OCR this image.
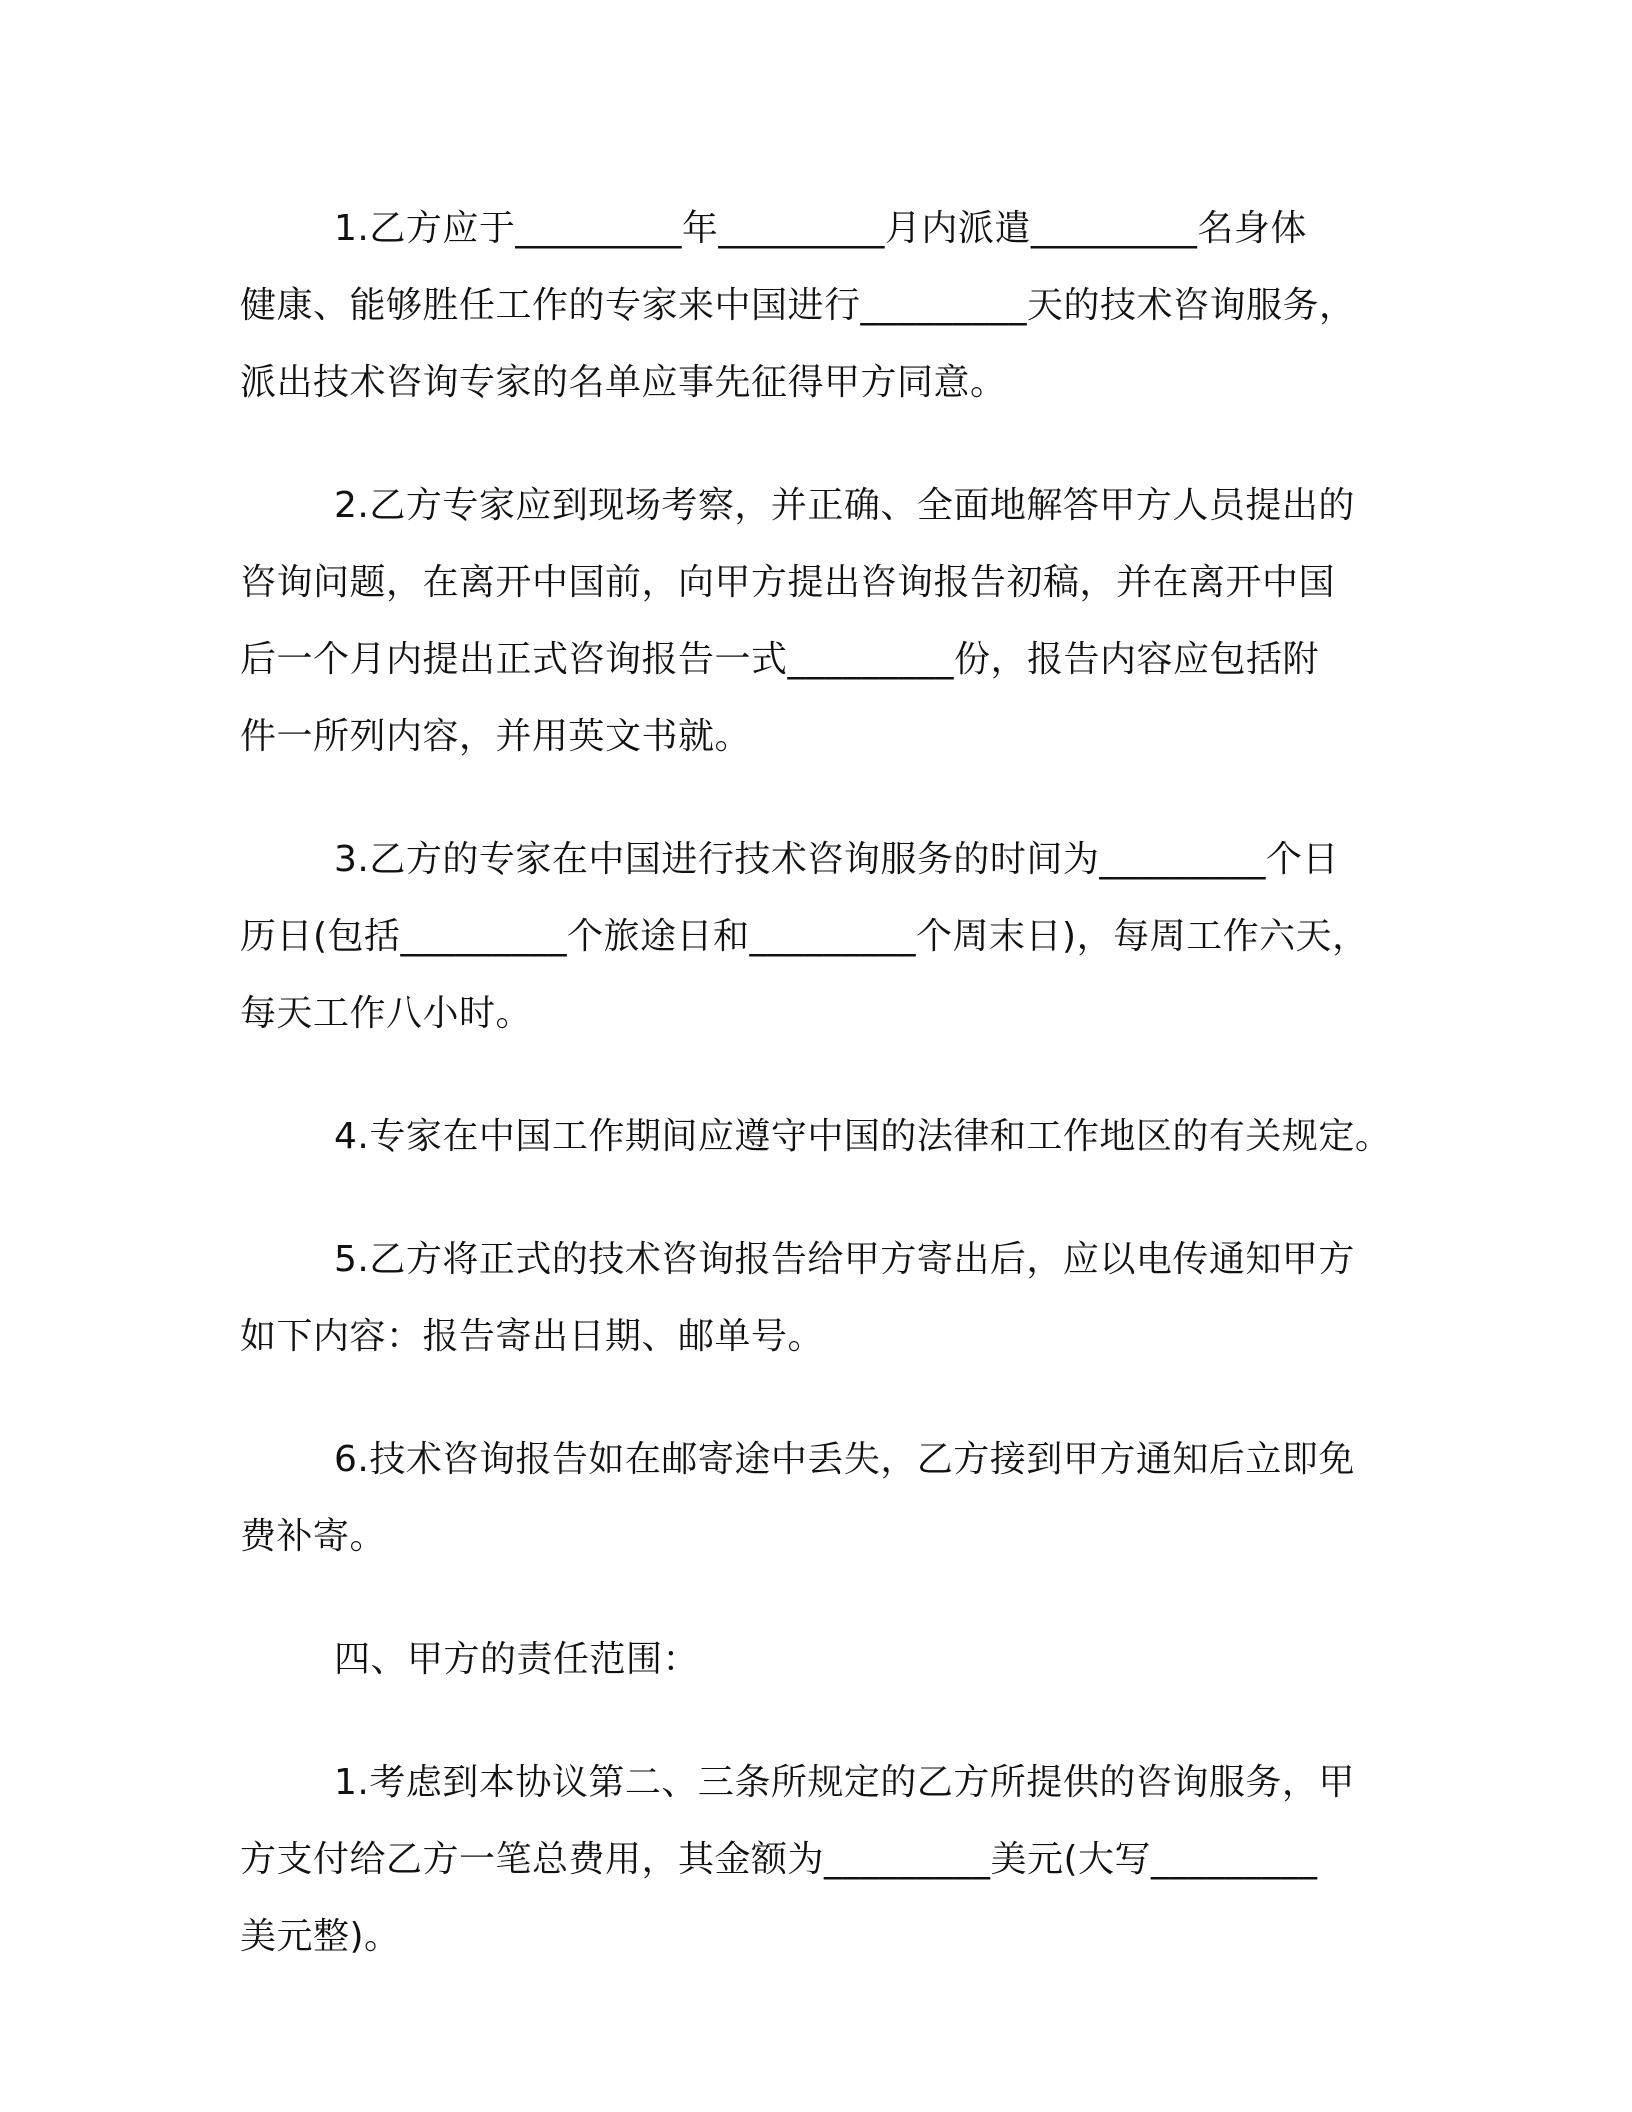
1.乙方应于_________年_________月内派遣_________名身体
健康、能够胜任工作的专家来中国进行_________天的技术咨询服务，
派出技术咨询专家的名单应事先征得甲方同意。
2.乙方专家应到现场考察，并正确、全面地解答甲方人员提出的
咨询问题，在离开中国前，向甲方提出咨询报告初稿，并在离开中国
后一个月内提出正式咨询报告一式_________份，报告内容应包括附
件一所列内容，并用英文书就。
3.乙方的专家在中国进行技术咨询服务的时间为_________个日
历日(包括_________个旅途日和_________个周末日)，每周工作六天，
每天工作八小时。
4.专家在中国工作期间应遵守中国的法律和工作地区的有关规定。
5.乙方将正式的技术咨询报告给甲方寄出后，应以电传通知甲方
如下内容：报告寄出日期、邮单号。
6.技术咨询报告如在邮寄途中丢失，乙方接到甲方通知后立即免
费补寄。
四、甲方的责任范围：
1.考虑到本协议第二、三条所规定的乙方所提供的咨询服务，甲
方支付给乙方一笔总费用，其金额为_________美元(大写_________
美元整)。
